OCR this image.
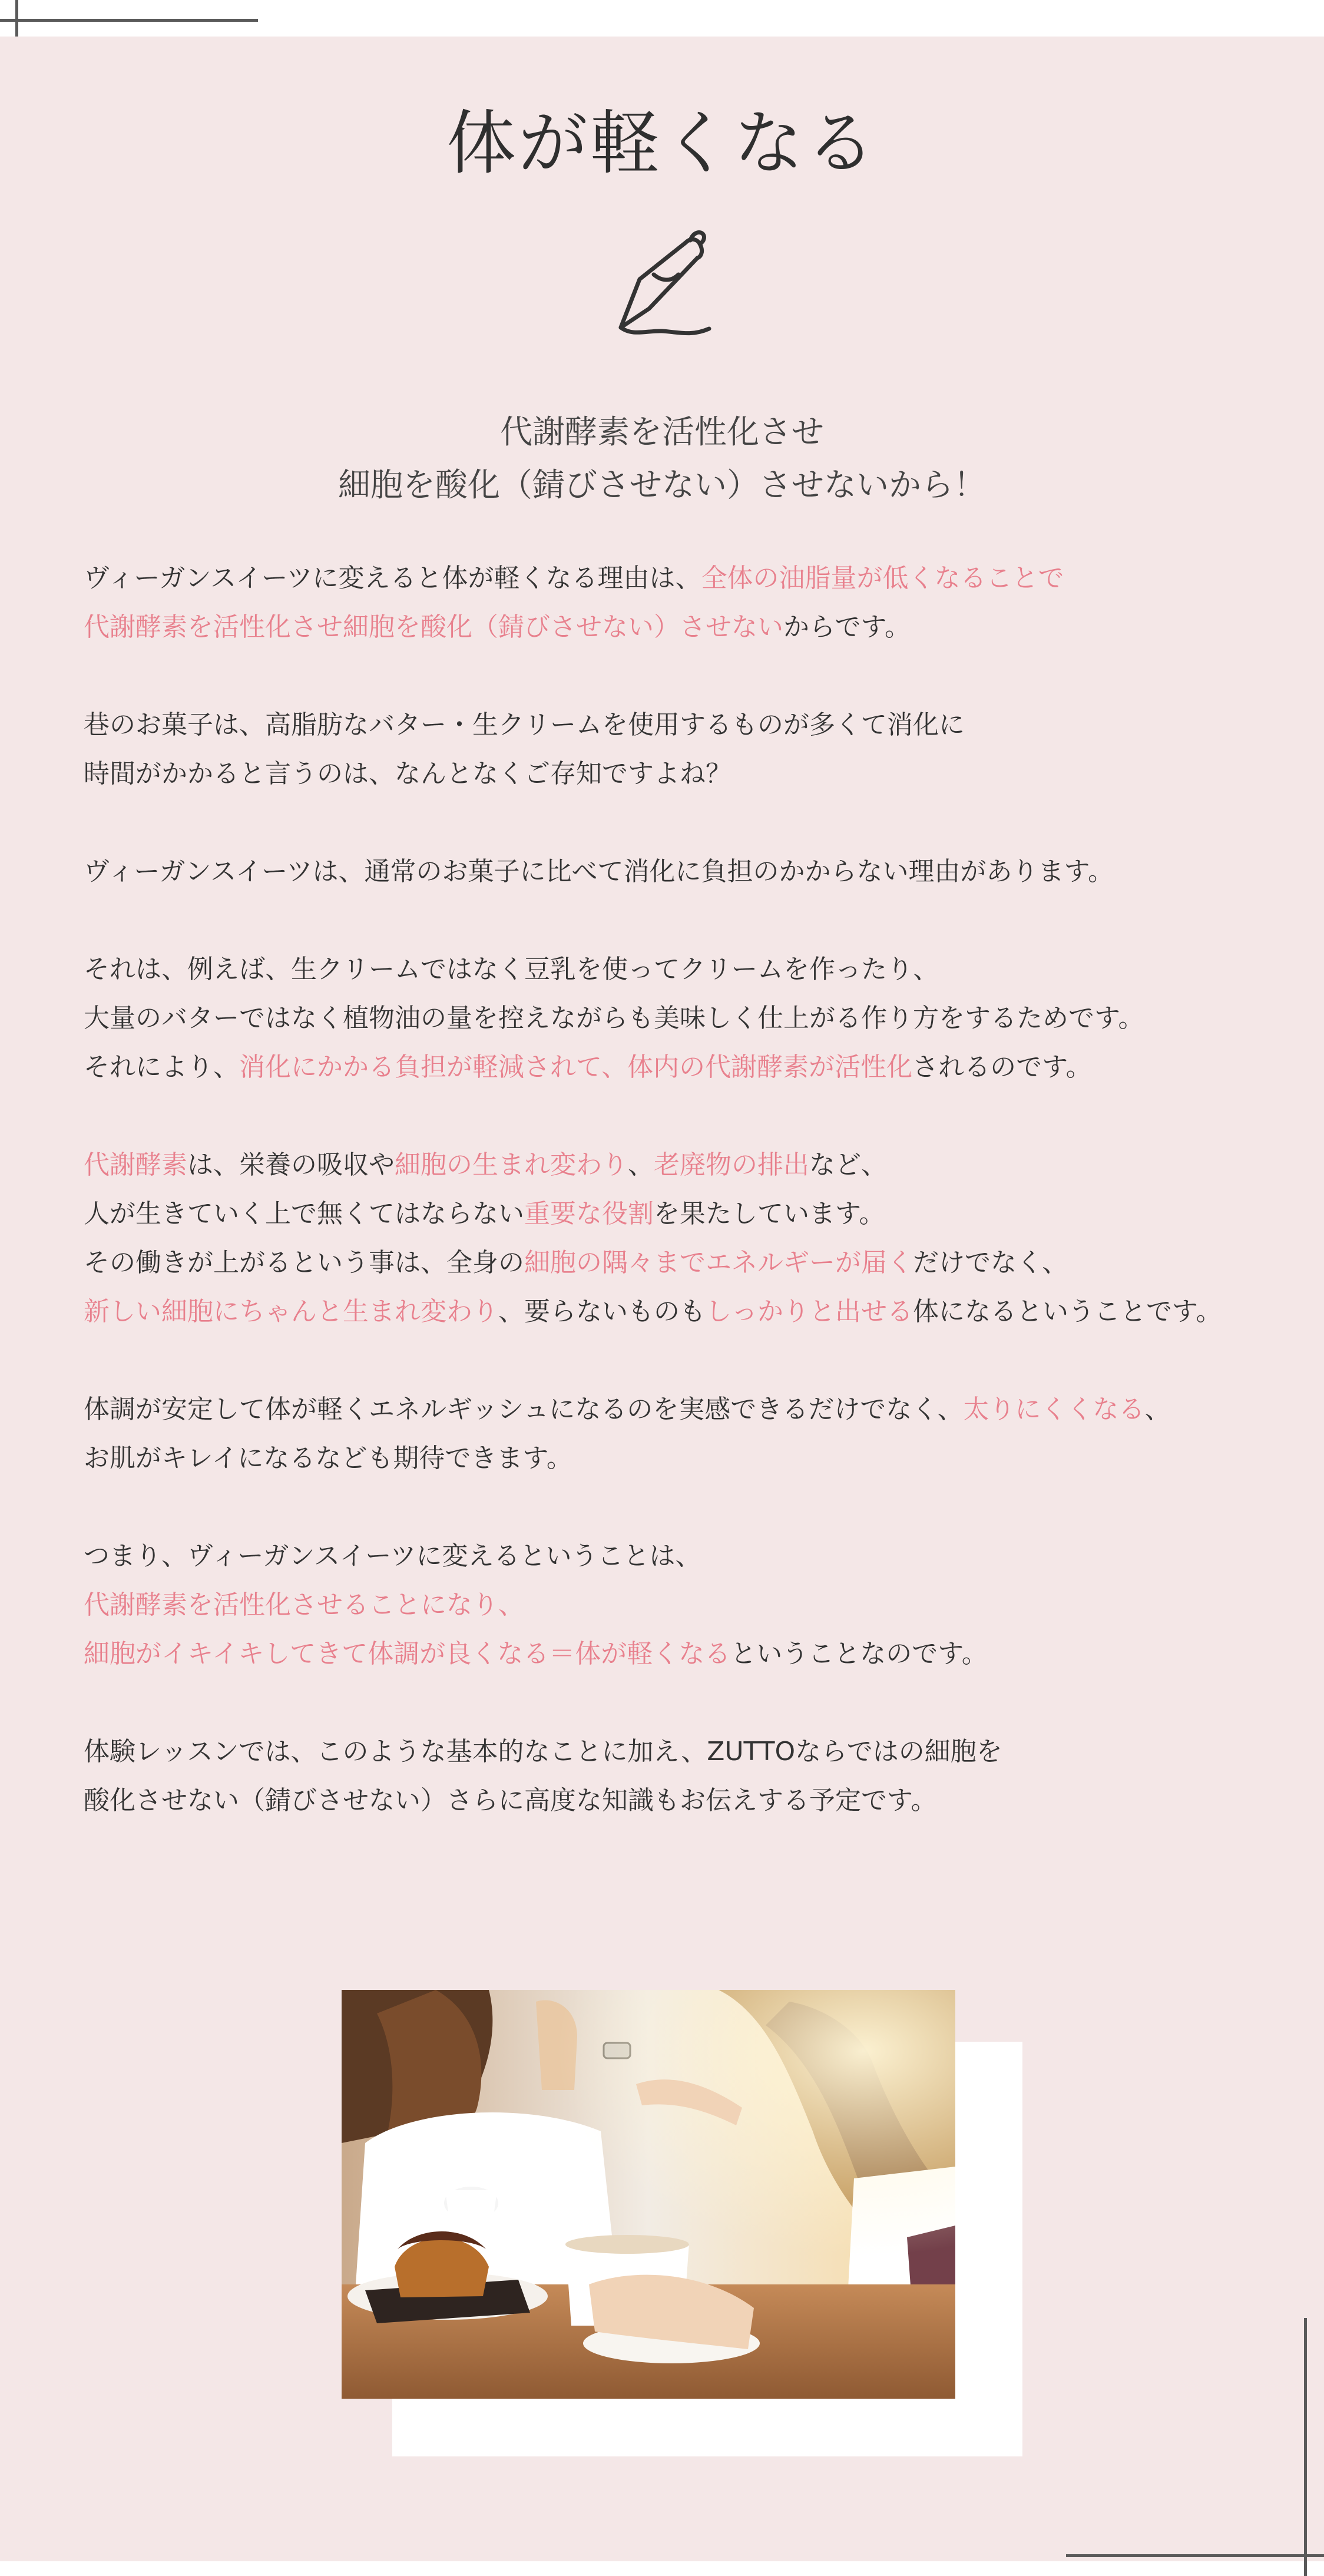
体が軽くなる
代謝酵素を活性化させ
細胞を酸化（錆びさせない）させないから！
ヴィーガンスイーツに変えると体が軽くなる理由は、全体の油脂量が低くなることで
代謝酵素を活性化させ細胞を酸化（錆びさせない）させないからです。
巷のお菓子は、高脂肪なバター・生クリームを使用するものが多くて消化に
時間がかかると言うのは、なんとなくご存知ですよね？
ヴィーガンスイーツは、通常のお菓子に比べて消化に負担のかからない理由があります。
それは、例えば、生クリームではなく豆乳を使ってクリームを作ったり、
大量のバターではなく植物油の量を控えながらも美味しく仕上がる作り方をするためです。
それにより、消化にかかる負担が軽減されて、体内の代謝酵素が活性化されるのです。
代謝酵素は、栄養の吸収や細胞の生まれ変わり、老廃物の排出など、
人が生きていく上で無くてはならない重要な役割を果たしています。
その働きが上がるという事は、全身の細胞の隅々までエネルギーが届くだけでなく、
新しい細胞にちゃんと生まれ変わり、要らないものもしっかりと出せる体になるということです。
体調が安定して体が軽くエネルギッシュになるのを実感できるだけでなく、太りにくくなる、
お肌がキレイになるなども期待できます。
つまり、ヴィーガンスイーツに変えるということは、
代謝酵素を活性化させることになり、
細胞がイキイキしてきて体調が良くなる＝体が軽くなるということなのです。
体験レッスンでは、このような基本的なことに加え、ZUTTOならではの細胞を
酸化させない（錆びさせない）さらに高度な知識もお伝えする予定です。
